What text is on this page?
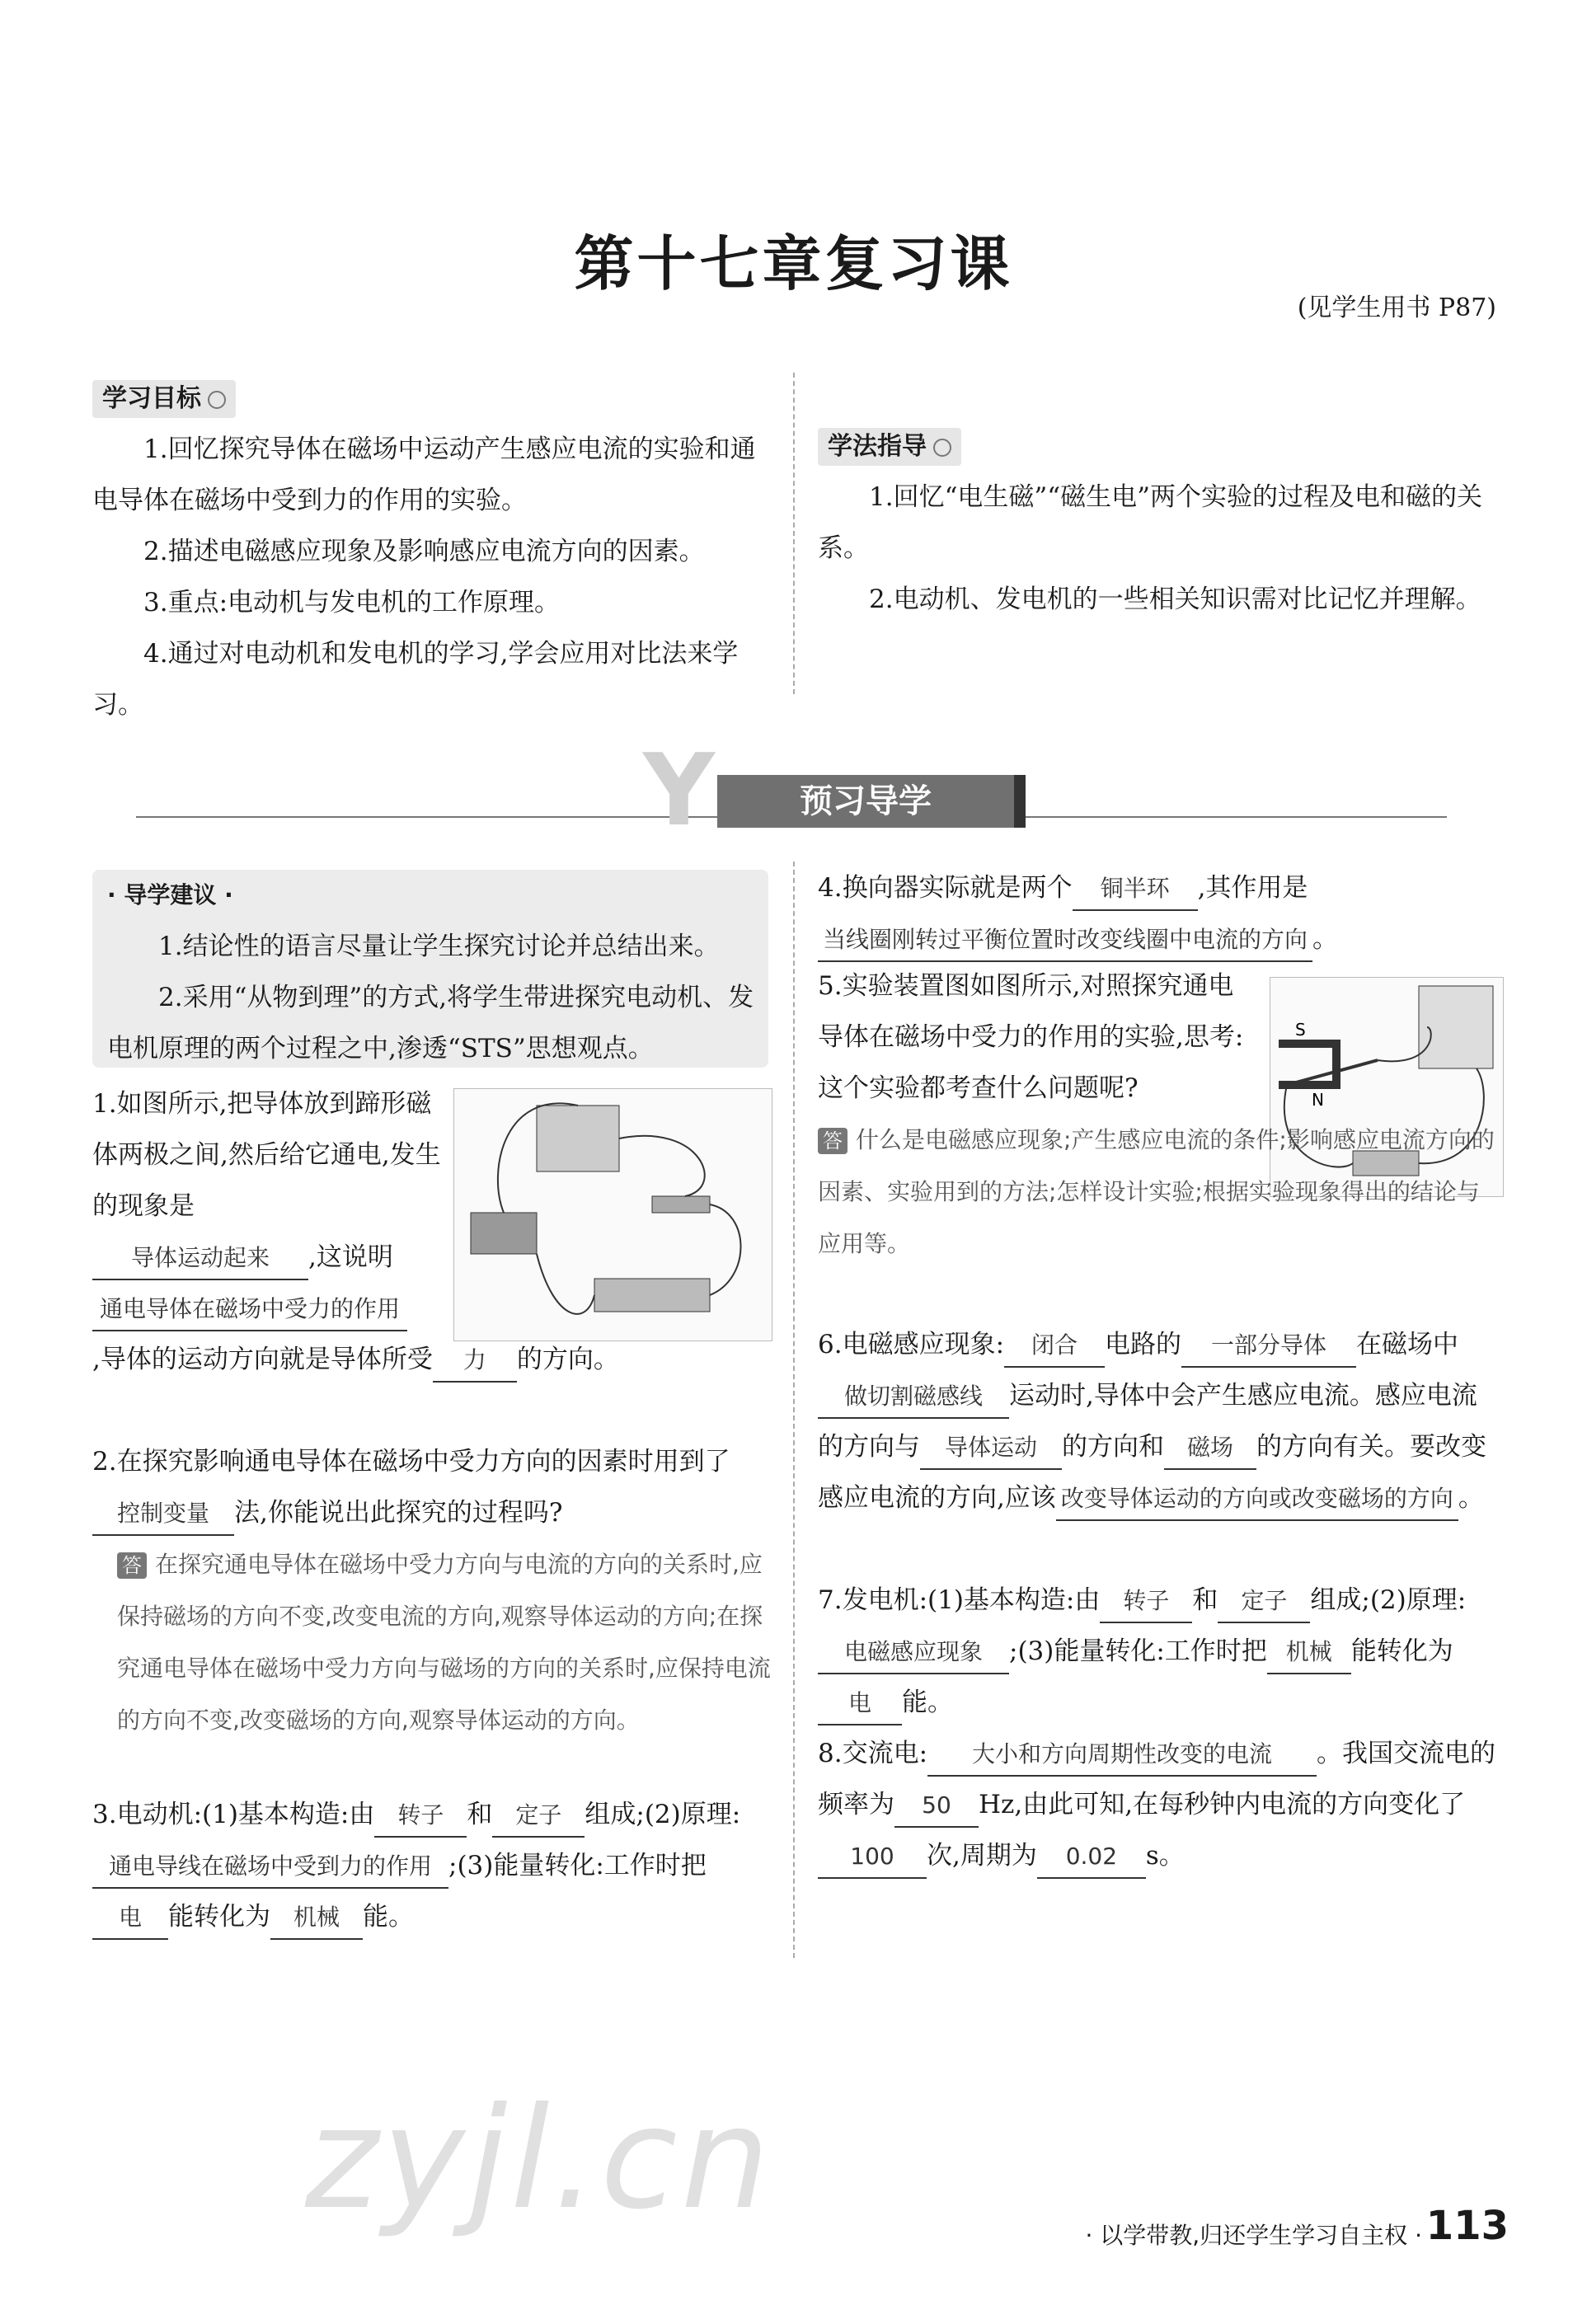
第十七章复习课
(见学生用书 P87)
学习目标

1.回忆探究导体在磁场中运动产生感应电流的实验和通电导体在磁场中受到力的作用的实验。

2.描述电磁感应现象及影响感应电流方向的因素。

3.重点:电动机与发电机的工作原理。

4.通过对电动机和发电机的学习,学会应用对比法来学习。

学法指导

1.回忆“电生磁”“磁生电”两个实验的过程及电和磁的关系。

2.电动机、发电机的一些相关知识需对比记忆并理解。

Y	预习导学
· 导学建议 ·

1.结论性的语言尽量让学生探究讨论并总结出来。

2.采用“从物到理”的方式,将学生带进探究电动机、发电机原理的两个过程之中,渗透“STS”思想观点。

1.如图所示,把导体放到蹄形磁体两极之间,然后给它通电,发生的现象是
导体运动起来 ,这说明
通电导体在磁场中受力的作用
,导体的运动方向就是导体所受 力 的方向。
2.在探究影响通电导体在磁场中受力方向的因素时用到了控制变量 法,你能说出此探究的过程吗?
答 在探究通电导体在磁场中受力方向与电流的方向的关系时,应保持磁场的方向不变,改变电流的方向,观察导体运动的方向;在探究通电导体在磁场中受力方向与磁场的方向的关系时,应保持电流的方向不变,改变磁场的方向,观察导体运动的方向。
3.电动机:(1)基本构造:由 转子 和 定子 组成;(2)原理:通电导线在磁场中受到力的作用 ;(3)能量转化:工作时把电 能转化为 机械 能。
4.换向器实际就是两个 铜半环 ,其作用是当线圈刚转过平衡位置时改变线圈中电流的方向 。
S
N
5.实验装置图如图所示,对照探究通电导体在磁场中受力的作用的实验,思考:这个实验都考查什么问题呢?
答 什么是电磁感应现象;产生感应电流的条件;影响感应电流方向的因素、实验用到的方法;怎样设计实验;根据实验现象得出的结论与应用等。
6.电磁感应现象: 闭合 电路的 一部分导体 在磁场中做切割磁感线 运动时,导体中会产生感应电流。感应电流的方向与 导体运动 的方向和 磁场 的方向有关。要改变感应电流的方向,应该 改变导体运动的方向或改变磁场的方向 。
7.发电机:(1)基本构造:由 转子 和 定子 组成;(2)原理:电磁感应现象 ;(3)能量转化:工作时把 机械 能转化为电 能。
8.交流电: 大小和方向周期性改变的电流 。我国交流电的频率为 50 Hz,由此可知,在每秒钟内电流的方向变化了100 次,周期为 0.02 s。
zyjl.cn	· 以学带教,归还学生学习自主权 · 113
